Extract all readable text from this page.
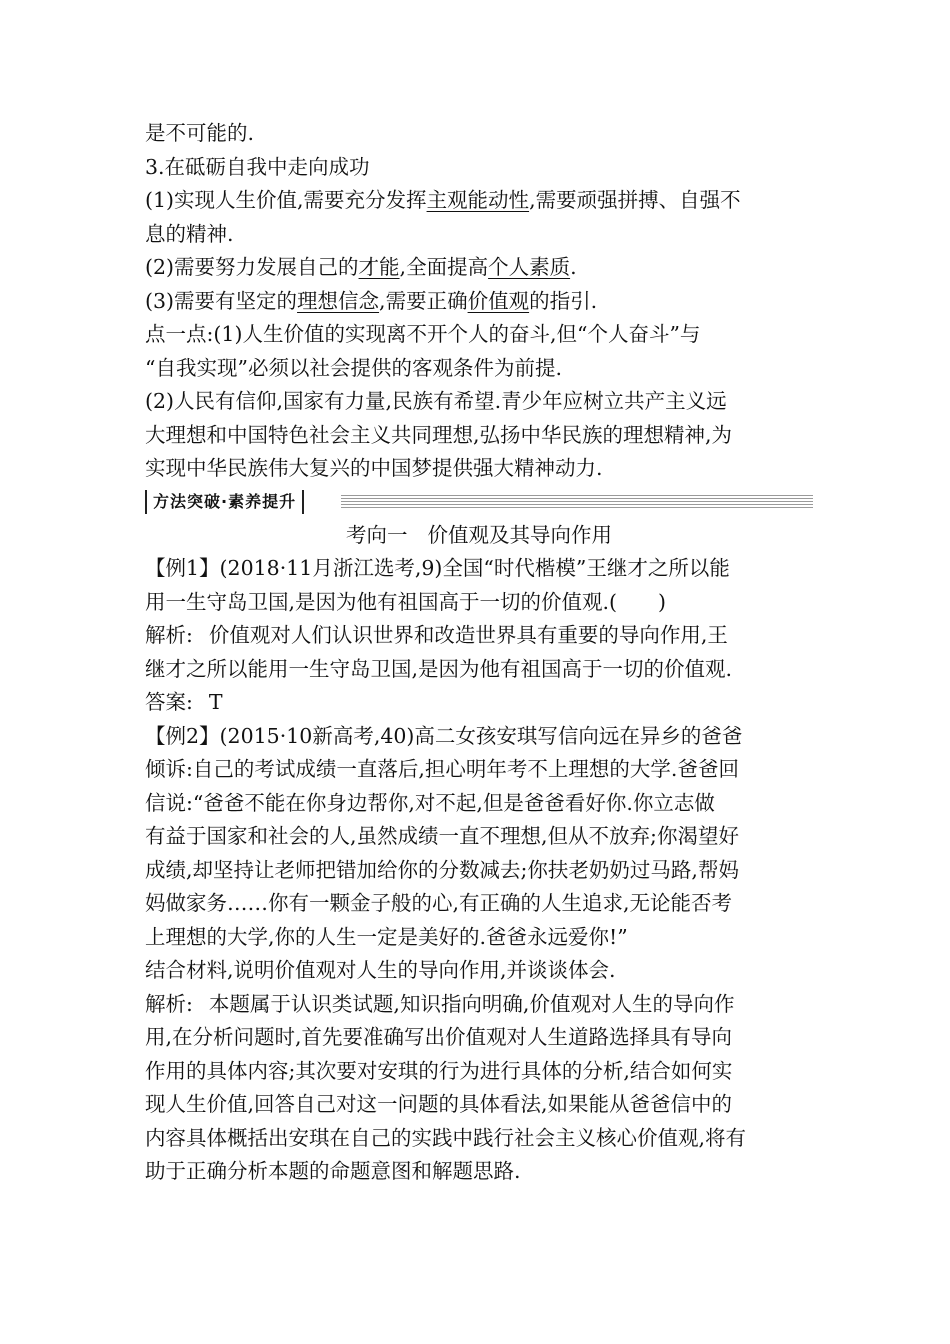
是不可能的.
3.在砥砺自我中走向成功
(1)实现人生价值,需要充分发挥主观能动性,需要顽强拼搏、自强不
息的精神.
(2)需要努力发展自己的才能,全面提高个人素质.
(3)需要有坚定的理想信念,需要正确价值观的指引.
点一点:(1)人生价值的实现离不开个人的奋斗,但“个人奋斗”与
“自我实现”必须以社会提供的客观条件为前提.
(2)人民有信仰,国家有力量,民族有希望.青少年应树立共产主义远
大理想和中国特色社会主义共同理想,弘扬中华民族的理想精神,为
实现中华民族伟大复兴的中国梦提供强大精神动力.
方法突破·素养提升
考向一 价值观及其导向作用
【例1】(2018·11月浙江选考,9)全国“时代楷模”王继才之所以能
用一生守岛卫国,是因为他有祖国高于一切的价值观.(　　)
解析: 价值观对人们认识世界和改造世界具有重要的导向作用,王
继才之所以能用一生守岛卫国,是因为他有祖国高于一切的价值观.
答案: T
【例2】(2015·10新高考,40)高二女孩安琪写信向远在异乡的爸爸
倾诉:自己的考试成绩一直落后,担心明年考不上理想的大学.爸爸回
信说:“爸爸不能在你身边帮你,对不起,但是爸爸看好你.你立志做
有益于国家和社会的人,虽然成绩一直不理想,但从不放弃;你渴望好
成绩,却坚持让老师把错加给你的分数减去;你扶老奶奶过马路,帮妈
妈做家务……你有一颗金子般的心,有正确的人生追求,无论能否考
上理想的大学,你的人生一定是美好的.爸爸永远爱你!”
结合材料,说明价值观对人生的导向作用,并谈谈体会.
解析: 本题属于认识类试题,知识指向明确,价值观对人生的导向作
用,在分析问题时,首先要准确写出价值观对人生道路选择具有导向
作用的具体内容;其次要对安琪的行为进行具体的分析,结合如何实
现人生价值,回答自己对这一问题的具体看法,如果能从爸爸信中的
内容具体概括出安琪在自己的实践中践行社会主义核心价值观,将有
助于正确分析本题的命题意图和解题思路.
